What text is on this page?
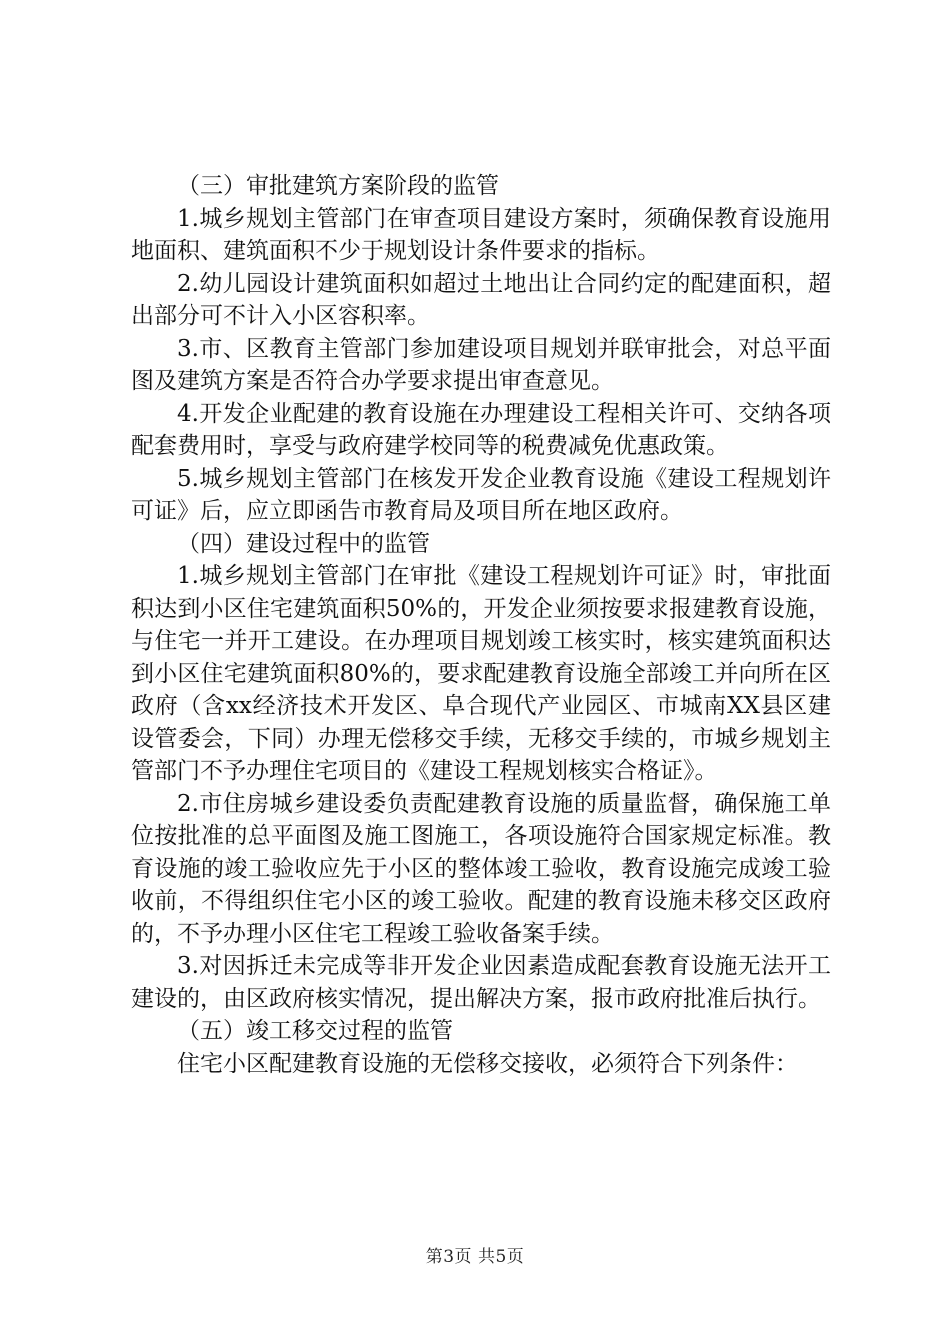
（三）审批建筑方案阶段的监管

1.城乡规划主管部门在审查项目建设方案时，须确保教育设施用地面积、建筑面积不少于规划设计条件要求的指标。

2.幼儿园设计建筑面积如超过土地出让合同约定的配建面积，超出部分可不计入小区容积率。

3.市、区教育主管部门参加建设项目规划并联审批会，对总平面图及建筑方案是否符合办学要求提出审查意见。

4.开发企业配建的教育设施在办理建设工程相关许可、交纳各项配套费用时，享受与政府建学校同等的税费减免优惠政策。

5.城乡规划主管部门在核发开发企业教育设施《建设工程规划许可证》后，应立即函告市教育局及项目所在地区政府。

（四）建设过程中的监管

1.城乡规划主管部门在审批《建设工程规划许可证》时，审批面积达到小区住宅建筑面积50%的，开发企业须按要求报建教育设施，与住宅一并开工建设。在办理项目规划竣工核实时，核实建筑面积达到小区住宅建筑面积80%的，要求配建教育设施全部竣工并向所在区政府（含xx经济技术开发区、阜合现代产业园区、市城南XX县区建设管委会，下同）办理无偿移交手续，无移交手续的，市城乡规划主管部门不予办理住宅项目的《建设工程规划核实合格证》。

2.市住房城乡建设委负责配建教育设施的质量监督，确保施工单位按批准的总平面图及施工图施工，各项设施符合国家规定标准。教育设施的竣工验收应先于小区的整体竣工验收，教育设施完成竣工验收前，不得组织住宅小区的竣工验收。配建的教育设施未移交区政府的，不予办理小区住宅工程竣工验收备案手续。

3.对因拆迁未完成等非开发企业因素造成配套教育设施无法开工建设的，由区政府核实情况，提出解决方案，报市政府批准后执行。

（五）竣工移交过程的监管

住宅小区配建教育设施的无偿移交接收，必须符合下列条件：

第3页 共5页
